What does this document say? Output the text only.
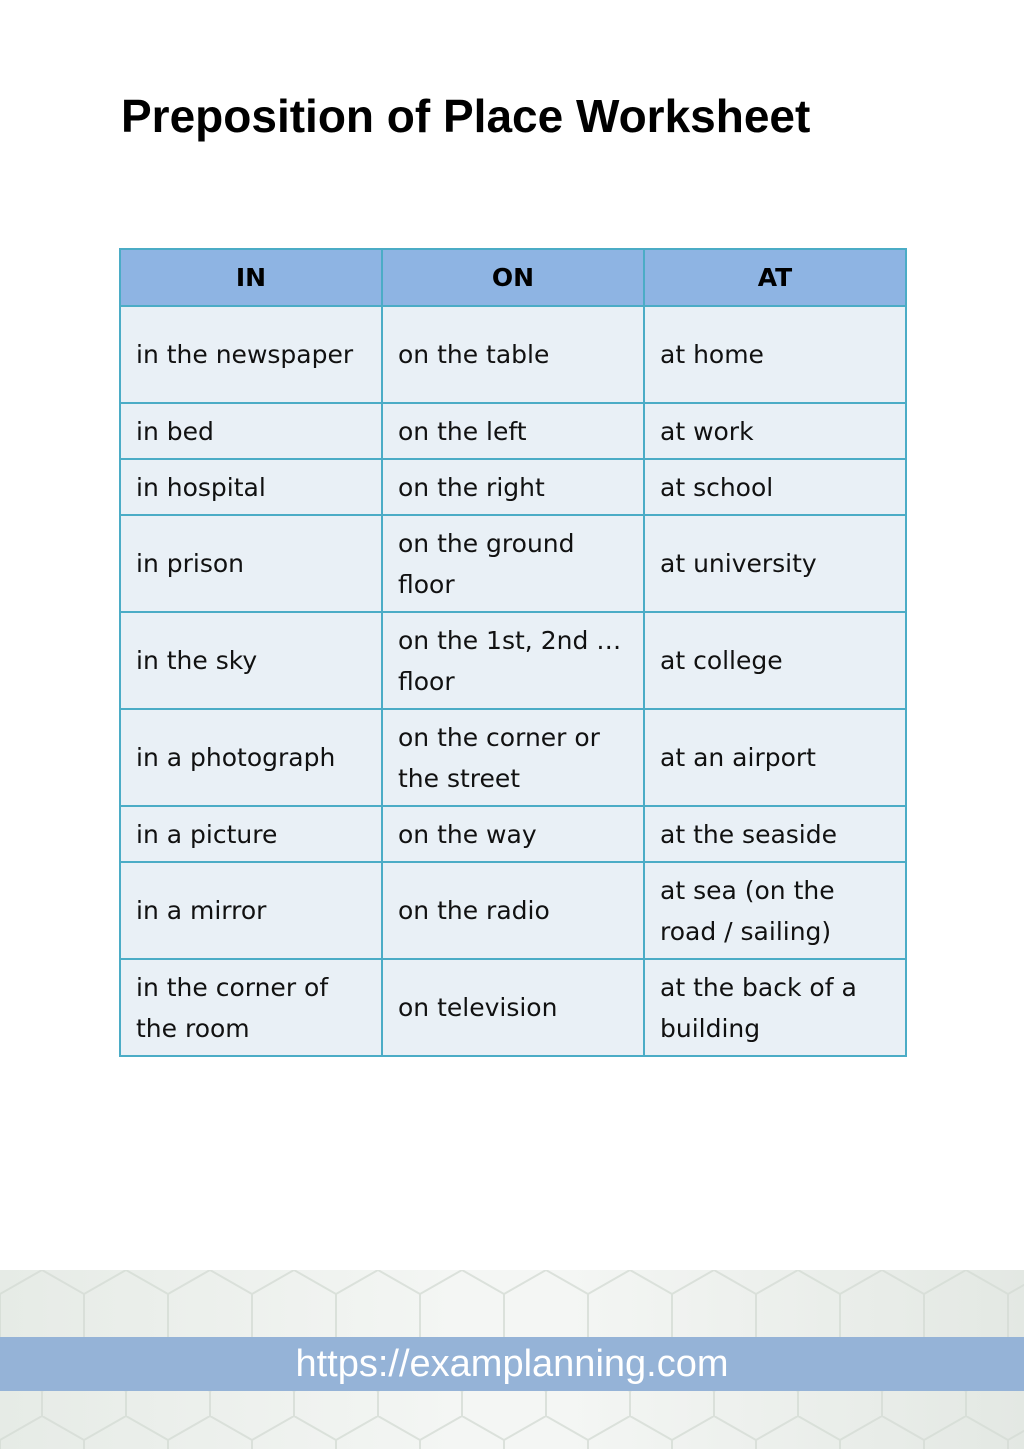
Preposition of Place Worksheet
IN	ON	AT
in the newspaper	on the table	at home
in bed	on the left	at work
in hospital	on the right	at school
in prison	on the ground floor	at university
in the sky	on the 1st, 2nd … floor	at college
in a photograph	on the corner or the street	at an airport
in a picture	on the way	at the seaside
in a mirror	on the radio	at sea (on the road / sailing)
in the corner of the room	on television	at the back of a building
https://examplanning.com
